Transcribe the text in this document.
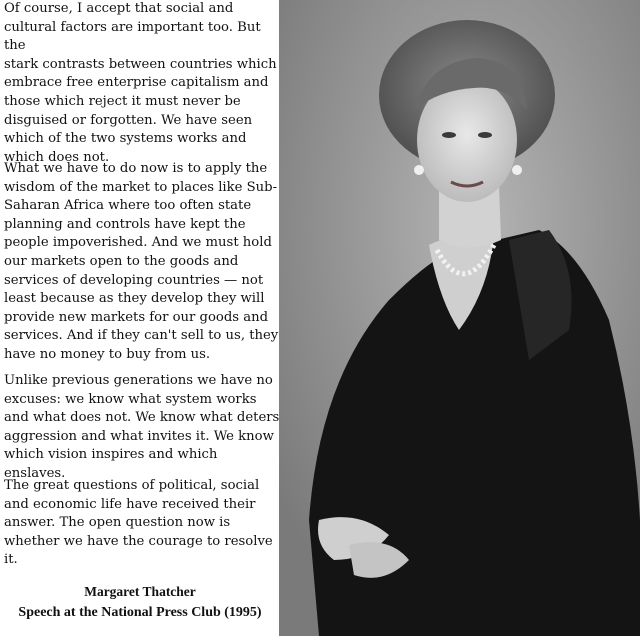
Of course, I accept that social and
cultural factors are important too. But the
stark contrasts between countries which
embrace free enterprise capitalism and
those which reject it must never be
disguised or forgotten. We have seen
which of the two systems works and
which does not.

What we have to do now is to apply the
wisdom of the market to places like Sub-
Saharan Africa where too often state
planning and controls have kept the
people impoverished. And we must hold
our markets open to the goods and
services of developing countries — not
least because as they develop they will
provide new markets for our goods and
services. And if they can't sell to us, they
have no money to buy from us.

Unlike previous generations we have no
excuses: we know what system works
and what does not. We know what deters
aggression and what invites it. We know
which vision inspires and which enslaves.

The great questions of political, social
and economic life have received their
answer. The open question now is
whether we have the courage to resolve
it.

Margaret Thatcher
Speech at the National Press Club (1995)
